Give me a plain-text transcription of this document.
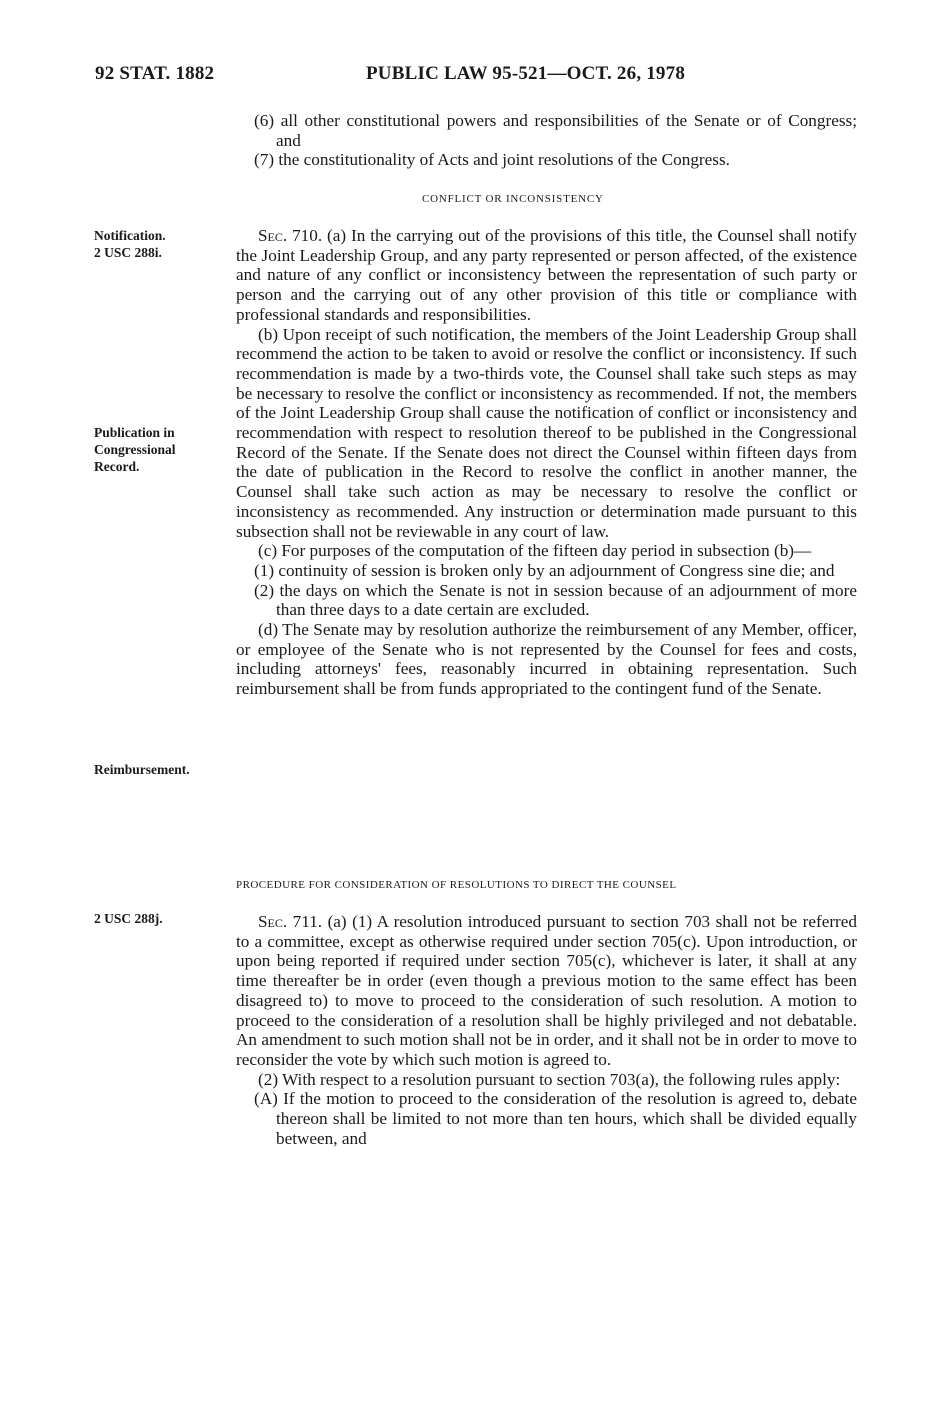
92 STAT. 1882	PUBLIC LAW 95-521—OCT. 26, 1978
Notification.
2 USC 288i.
Publication in
Congressional
Record.
Reimbursement.
2 USC 288j.

(6) all other constitutional powers and responsibilities of the Senate or of Congress; and

(7) the constitutionality of Acts and joint resolutions of the Congress.

CONFLICT OR INCONSISTENCY

Sec. 710. (a) In the carrying out of the provisions of this title, the Counsel shall notify the Joint Leadership Group, and any party represented or person affected, of the existence and nature of any conflict or inconsistency between the representation of such party or person and the carrying out of any other provision of this title or compliance with professional standards and responsibilities.

(b) Upon receipt of such notification, the members of the Joint Leadership Group shall recommend the action to be taken to avoid or resolve the conflict or inconsistency. If such recommendation is made by a two-thirds vote, the Counsel shall take such steps as may be necessary to resolve the conflict or inconsistency as recommended. If not, the members of the Joint Leadership Group shall cause the notification of conflict or inconsistency and recommendation with respect to resolution thereof to be published in the Congressional Record of the Senate. If the Senate does not direct the Counsel within fifteen days from the date of publication in the Record to resolve the conflict in another manner, the Counsel shall take such action as may be necessary to resolve the conflict or inconsistency as recommended. Any instruction or determination made pursuant to this subsection shall not be reviewable in any court of law.

(c) For purposes of the computation of the fifteen day period in subsection (b)—

(1) continuity of session is broken only by an adjournment of Congress sine die; and

(2) the days on which the Senate is not in session because of an adjournment of more than three days to a date certain are excluded.

(d) The Senate may by resolution authorize the reimbursement of any Member, officer, or employee of the Senate who is not represented by the Counsel for fees and costs, including attorneys' fees, reasonably incurred in obtaining representation. Such reimbursement shall be from funds appropriated to the contingent fund of the Senate.

PROCEDURE FOR CONSIDERATION OF RESOLUTIONS TO DIRECT THE COUNSEL

Sec. 711. (a) (1) A resolution introduced pursuant to section 703 shall not be referred to a committee, except as otherwise required under section 705(c). Upon introduction, or upon being reported if required under section 705(c), whichever is later, it shall at any time thereafter be in order (even though a previous motion to the same effect has been disagreed to) to move to proceed to the consideration of such resolution. A motion to proceed to the consideration of a resolution shall be highly privileged and not debatable. An amendment to such motion shall not be in order, and it shall not be in order to move to reconsider the vote by which such motion is agreed to.

(2) With respect to a resolution pursuant to section 703(a), the following rules apply:

(A) If the motion to proceed to the consideration of the resolution is agreed to, debate thereon shall be limited to not more than ten hours, which shall be divided equally between, and
